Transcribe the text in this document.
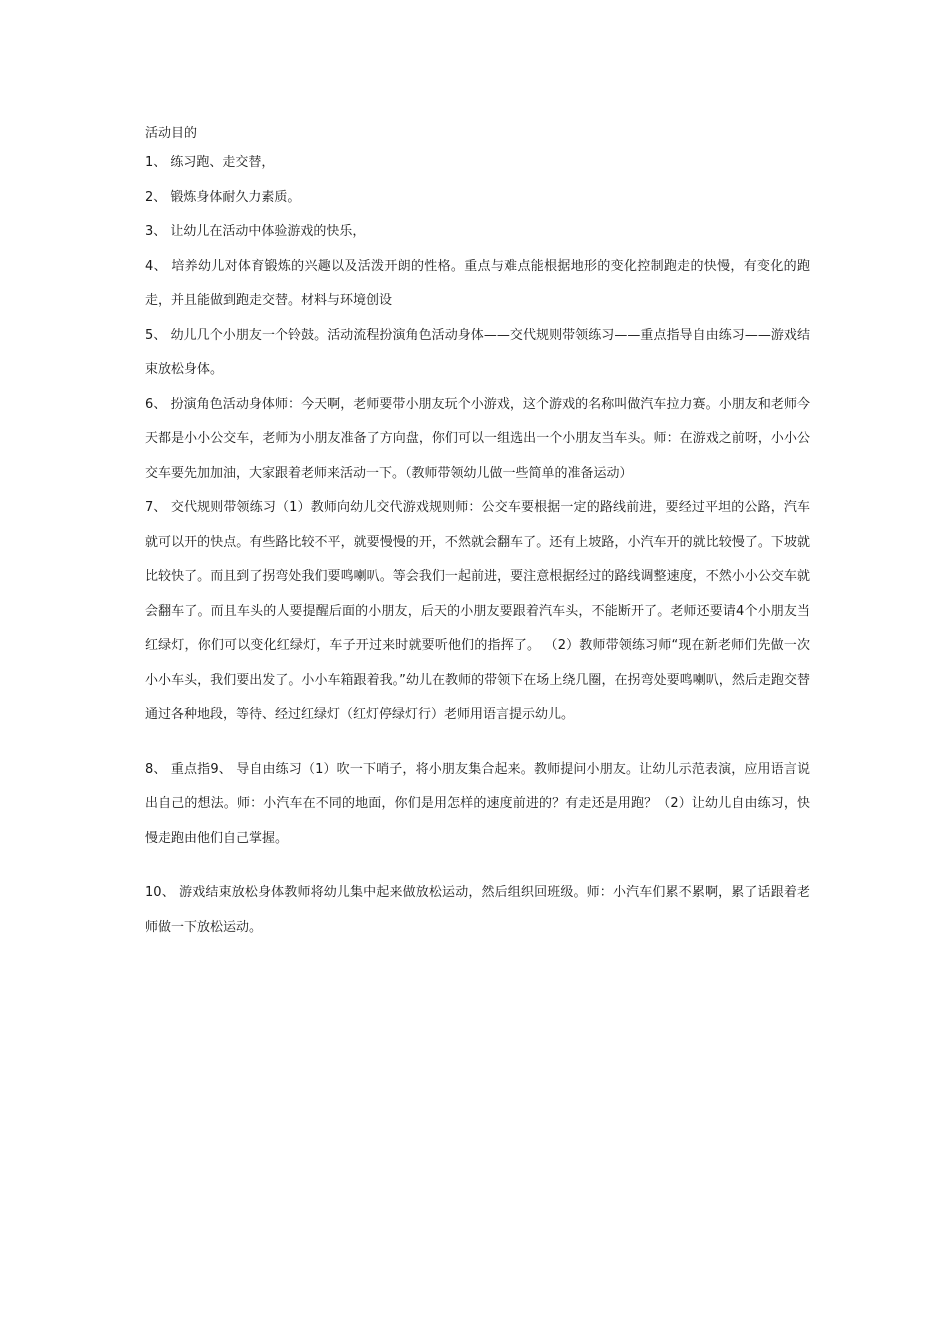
活动目的

1、 练习跑、走交替，

2、 锻炼身体耐久力素质。

3、 让幼儿在活动中体验游戏的快乐，

4、 培养幼儿对体育锻炼的兴趣以及活泼开朗的性格。重点与难点能根据地形的变化控制跑走的快慢，有变化的跑走，并且能做到跑走交替。材料与环境创设

5、 幼儿几个小朋友一个铃鼓。活动流程扮演角色活动身体——交代规则带领练习——重点指导自由练习——游戏结束放松身体。

6、 扮演角色活动身体师：今天啊，老师要带小朋友玩个小游戏，这个游戏的名称叫做汽车拉力赛。小朋友和老师今天都是小小公交车，老师为小朋友准备了方向盘，你们可以一组选出一个小朋友当车头。师：在游戏之前呀，小小公交车要先加加油，大家跟着老师来活动一下。（教师带领幼儿做一些简单的准备运动）

7、 交代规则带领练习（1）教师向幼儿交代游戏规则师：公交车要根据一定的路线前进，要经过平坦的公路，汽车就可以开的快点。有些路比较不平，就要慢慢的开，不然就会翻车了。还有上坡路，小汽车开的就比较慢了。下坡就比较快了。而且到了拐弯处我们要鸣喇叭。等会我们一起前进，要注意根据经过的路线调整速度，不然小小公交车就会翻车了。而且车头的人要提醒后面的小朋友，后天的小朋友要跟着汽车头，不能断开了。老师还要请4个小朋友当红绿灯，你们可以变化红绿灯，车子开过来时就要听他们的指挥了。 （2）教师带领练习师“现在新老师们先做一次小小车头，我们要出发了。小小车箱跟着我。”幼儿在教师的带领下在场上绕几圈，在拐弯处要鸣喇叭，然后走跑交替通过各种地段，等待、经过红绿灯（红灯停绿灯行）老师用语言提示幼儿。

8、 重点指9、 导自由练习（1）吹一下哨子，将小朋友集合起来。教师提问小朋友。让幼儿示范表演，应用语言说出自己的想法。师：小汽车在不同的地面，你们是用怎样的速度前进的？有走还是用跑？（2）让幼儿自由练习，快慢走跑由他们自己掌握。

10、 游戏结束放松身体教师将幼儿集中起来做放松运动，然后组织回班级。师：小汽车们累不累啊，累了话跟着老师做一下放松运动。
